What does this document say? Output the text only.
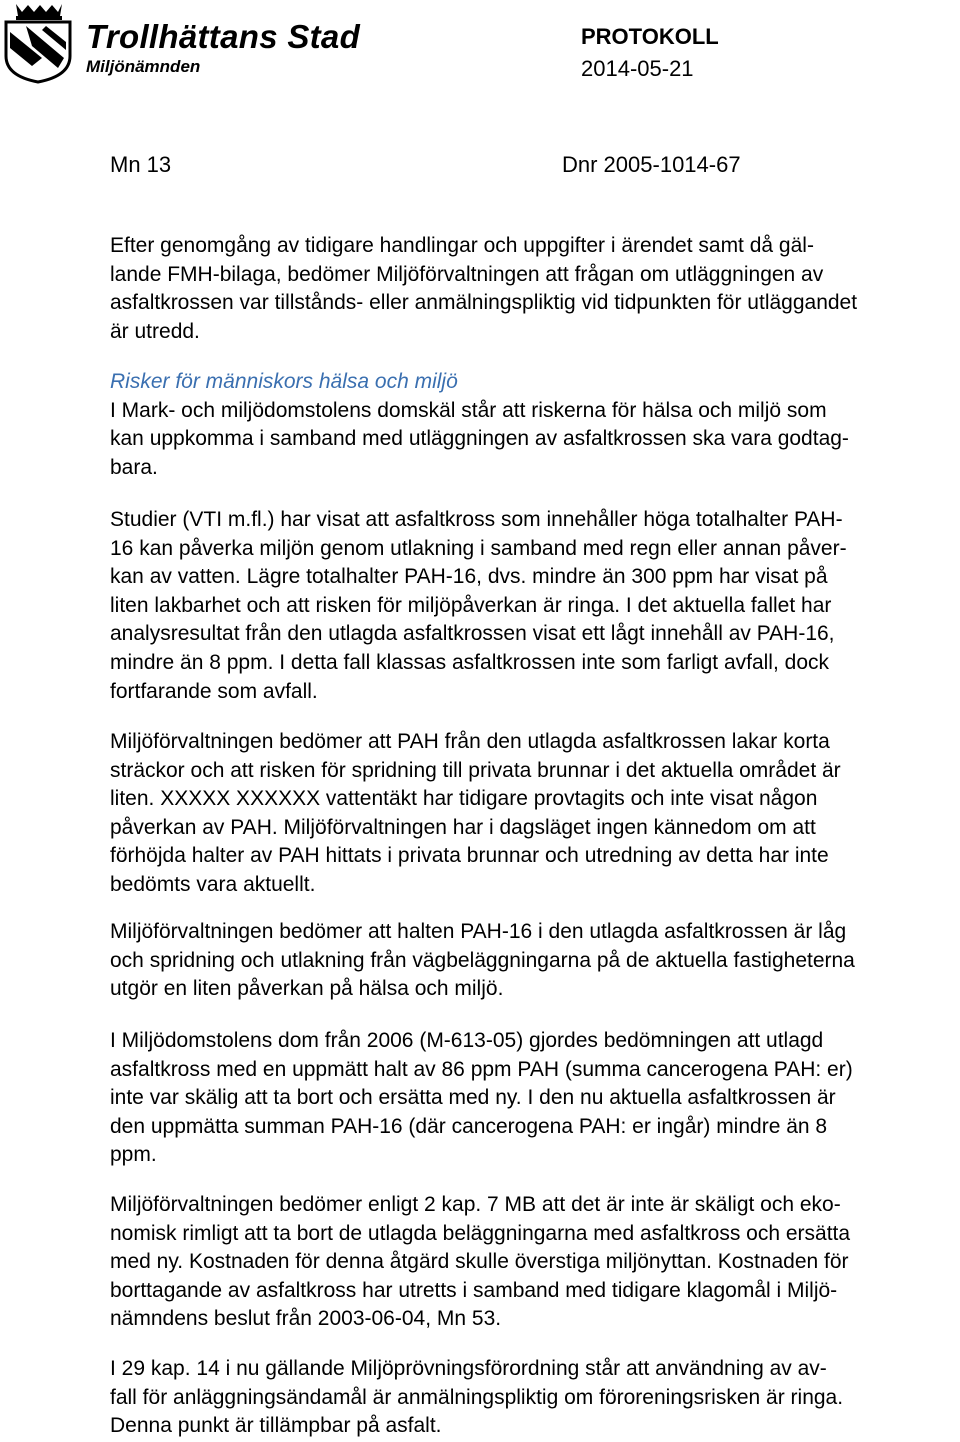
Trollhättans Stad
Miljönämnden
PROTOKOLL
2014-05-21
Mn 13	Dnr 2005-1014-67
Efter genomgång av tidigare handlingar och uppgifter i ärendet samt då gäl-
lande FMH-bilaga, bedömer Miljöförvaltningen att frågan om utläggningen av
asfaltkrossen var tillstånds- eller anmälningspliktig vid tidpunkten för utläggandet
är utredd.
Risker för människors hälsa och miljö
I Mark- och miljödomstolens domskäl står att riskerna för hälsa och miljö som
kan uppkomma i samband med utläggningen av asfaltkrossen ska vara godtag-
bara.
Studier (VTI m.fl.) har visat att asfaltkross som innehåller höga totalhalter PAH-
16 kan påverka miljön genom utlakning i samband med regn eller annan påver-
kan av vatten. Lägre totalhalter PAH-16, dvs. mindre än 300 ppm har visat på
liten lakbarhet och att risken för miljöpåverkan är ringa. I det aktuella fallet har
analysresultat från den utlagda asfaltkrossen visat ett lågt innehåll av PAH-16,
mindre än 8 ppm. I detta fall klassas asfaltkrossen inte som farligt avfall, dock
fortfarande som avfall.
Miljöförvaltningen bedömer att PAH från den utlagda asfaltkrossen lakar korta
sträckor och att risken för spridning till privata brunnar i det aktuella området är
liten. XXXXX XXXXXX vattentäkt har tidigare provtagits och inte visat någon
påverkan av PAH. Miljöförvaltningen har i dagsläget ingen kännedom om att
förhöjda halter av PAH hittats i privata brunnar och utredning av detta har inte
bedömts vara aktuellt.
Miljöförvaltningen bedömer att halten PAH-16 i den utlagda asfaltkrossen är låg
och spridning och utlakning från vägbeläggningarna på de aktuella fastigheterna
utgör en liten påverkan på hälsa och miljö.
I Miljödomstolens dom från 2006 (M-613-05) gjordes bedömningen att utlagd
asfaltkross med en uppmätt halt av 86 ppm PAH (summa cancerogena PAH: er)
inte var skälig att ta bort och ersätta med ny. I den nu aktuella asfaltkrossen är
den uppmätta summan PAH-16 (där cancerogena PAH: er ingår) mindre än 8
ppm.
Miljöförvaltningen bedömer enligt 2 kap. 7 MB att det är inte är skäligt och eko-
nomisk rimligt att ta bort de utlagda beläggningarna med asfaltkross och ersätta
med ny. Kostnaden för denna åtgärd skulle överstiga miljönyttan. Kostnaden för
borttagande av asfaltkross har utretts i samband med tidigare klagomål i Miljö-
nämndens beslut från 2003-06-04, Mn 53.
I 29 kap. 14 i nu gällande Miljöprövningsförordning står att användning av av-
fall för anläggningsändamål är anmälningspliktig om föroreningsrisken är ringa.
Denna punkt är tillämpbar på asfalt.
